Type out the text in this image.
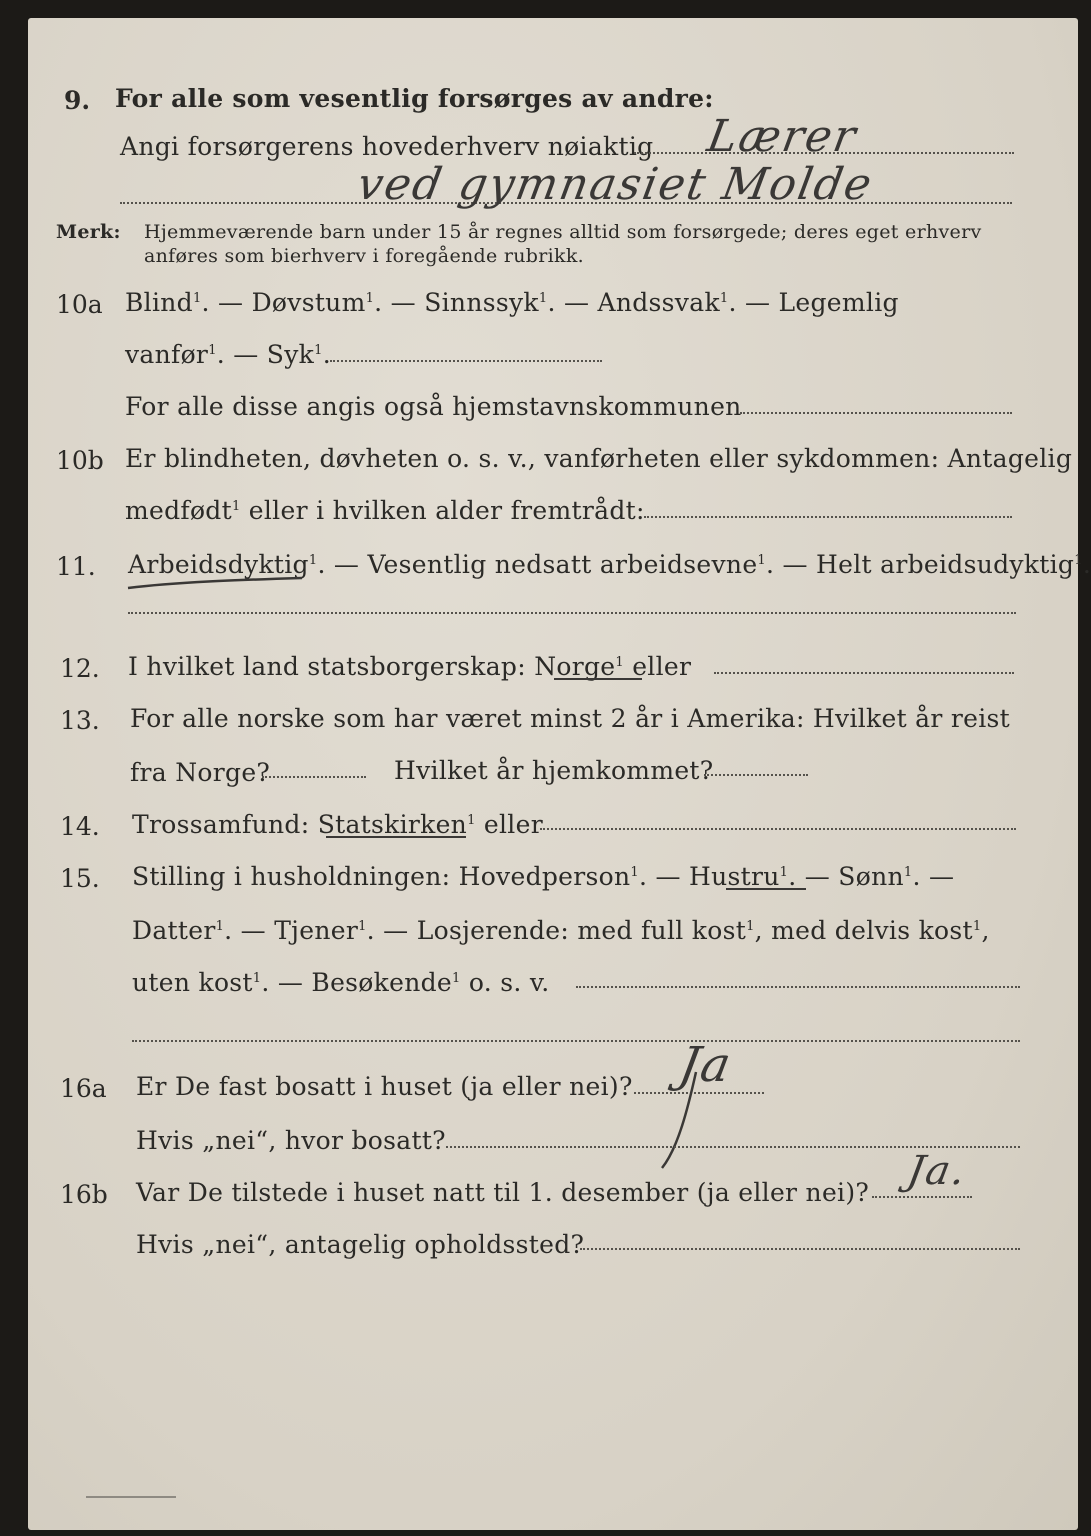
9. For alle som vesentlig forsørges av andre:
Angi forsørgerens hovederhverv nøiaktig Lærer
ved gymnasiet Molde
Merk: Hjemmeværende barn under 15 år regnes alltid som forsørgede; deres eget erhverv
anføres som bierhverv i foregående rubrikk.
10a Blind$^1$. — Døvstum$^1$. — Sinnssyk$^1$. — Andssvak$^1$. — Legemlig
vanfør$^1$. — Syk$^1$.
For alle disse angis også hjemstavnskommunen
10b Er blindheten, døvheten o. s. v., vanførheten eller sykdommen: Antagelig
medfødt$^1$ eller i hvilken alder fremtrådt:
11. Arbeidsdyktig$^1$. — Vesentlig nedsatt arbeidsevne$^1$. — Helt arbeidsudyktig$^1$.
12. I hvilket land statsborgerskap: Norge$^1$ eller
13. For alle norske som har været minst 2 år i Amerika: Hvilket år reist
fra Norge?	Hvilket år hjemkommet?
14. Trossamfund: Statskirken$^1$ eller
15. Stilling i husholdningen: Hovedperson$^1$. — Hustru$^1$. — Sønn$^1$. —
Datter$^1$. — Tjener$^1$. — Losjerende: med full kost$^1$, med delvis kost$^1$,
uten kost$^1$. — Besøkende$^1$ o. s. v.
16a Er De fast bosatt i huset (ja eller nei)? Ja
Hvis „nei“, hvor bosatt?
16b Var De tilstede i huset natt til 1. desember (ja eller nei)? Ja.
Hvis „nei“, antagelig opholdssted?
